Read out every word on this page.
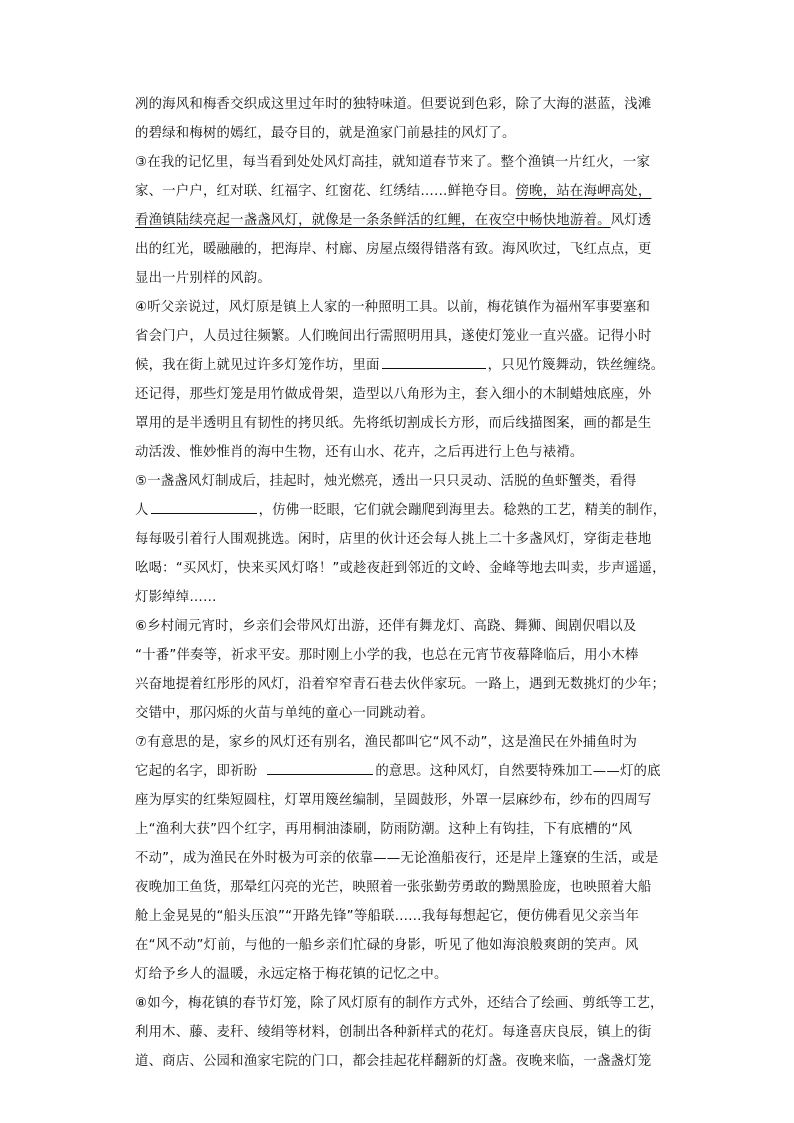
冽的海风和梅香交织成这里过年时的独特味道。但要说到色彩，除了大海的湛蓝，浅滩
的碧绿和梅树的嫣红，最夺目的，就是渔家门前悬挂的风灯了。
③在我的记忆里，每当看到处处风灯高挂，就知道春节来了。整个渔镇一片红火，一家
家、一户户，红对联、红福字、红窗花、红绣结……鲜艳夺目。傍晚，站在海岬高处，
看渔镇陆续亮起一盏盏风灯，就像是一条条鲜活的红鲤，在夜空中畅快地游着。风灯透
出的红光，暖融融的，把海岸、村廊、房屋点缀得错落有致。海风吹过，飞红点点，更
显出一片别样的风韵。
④听父亲说过，风灯原是镇上人家的一种照明工具。以前，梅花镇作为福州军事要塞和
省会门户，人员过往频繁。人们晚间出行需照明用具，遂使灯笼业一直兴盛。记得小时
候，我在街上就见过许多灯笼作坊，里面	，只见竹篾舞动，铁丝缠绕。
还记得，那些灯笼是用竹做成骨架，造型以八角形为主，套入细小的木制蜡烛底座，外
罩用的是半透明且有韧性的拷贝纸。先将纸切割成长方形，而后线描图案，画的都是生
动活泼、惟妙惟肖的海中生物，还有山水、花卉，之后再进行上色与裱褙。
⑤一盏盏风灯制成后，挂起时，烛光燃亮，透出一只只灵动、活脱的鱼虾蟹类，看得
人	，仿佛一眨眼，它们就会蹦爬到海里去。稔熟的工艺，精美的制作，
每每吸引着行人围观挑选。闲时，店里的伙计还会每人挑上二十多盏风灯，穿街走巷地
吆喝：“买风灯，快来买风灯咯！”或趁夜赶到邻近的文岭、金峰等地去叫卖，步声遥遥，
灯影绰绰……
⑥乡村闹元宵时，乡亲们会带风灯出游，还伴有舞龙灯、高跷、舞狮、闽剧伬唱以及
“十番”伴奏等，祈求平安。那时刚上小学的我，也总在元宵节夜幕降临后，用小木棒
兴奋地提着红彤彤的风灯，沿着窄窄青石巷去伙伴家玩。一路上，遇到无数挑灯的少年；
交错中，那闪烁的火苗与单纯的童心一同跳动着。
⑦有意思的是，家乡的风灯还有别名，渔民都叫它“风不动”，这是渔民在外捕鱼时为
它起的名字，即祈盼	的意思。这种风灯，自然要特殊加工——灯的底
座为厚实的红柴短圆柱，灯罩用篾丝编制，呈圆鼓形，外罩一层麻纱布，纱布的四周写
上“渔利大获”四个红字，再用桐油漆刷，防雨防潮。这种上有钩挂，下有底槽的“风
不动”，成为渔民在外时极为可亲的依靠——无论渔船夜行，还是岸上篷寮的生活，或是
夜晚加工鱼货，那晕红闪亮的光芒，映照着一张张勤劳勇敢的黝黑脸庞，也映照着大船
舱上金晃晃的“船头压浪”“开路先锋”等船联……我每每想起它，便仿佛看见父亲当年
在“风不动”灯前，与他的一船乡亲们忙碌的身影，听见了他如海浪般爽朗的笑声。风
灯给予乡人的温暖，永远定格于梅花镇的记忆之中。
⑧如今，梅花镇的春节灯笼，除了风灯原有的制作方式外，还结合了绘画、剪纸等工艺，
利用木、藤、麦秆、绫绢等材料，创制出各种新样式的花灯。每逢喜庆良辰，镇上的街
道、商店、公园和渔家宅院的门口，都会挂起花样翻新的灯盏。夜晚来临，一盏盏灯笼
